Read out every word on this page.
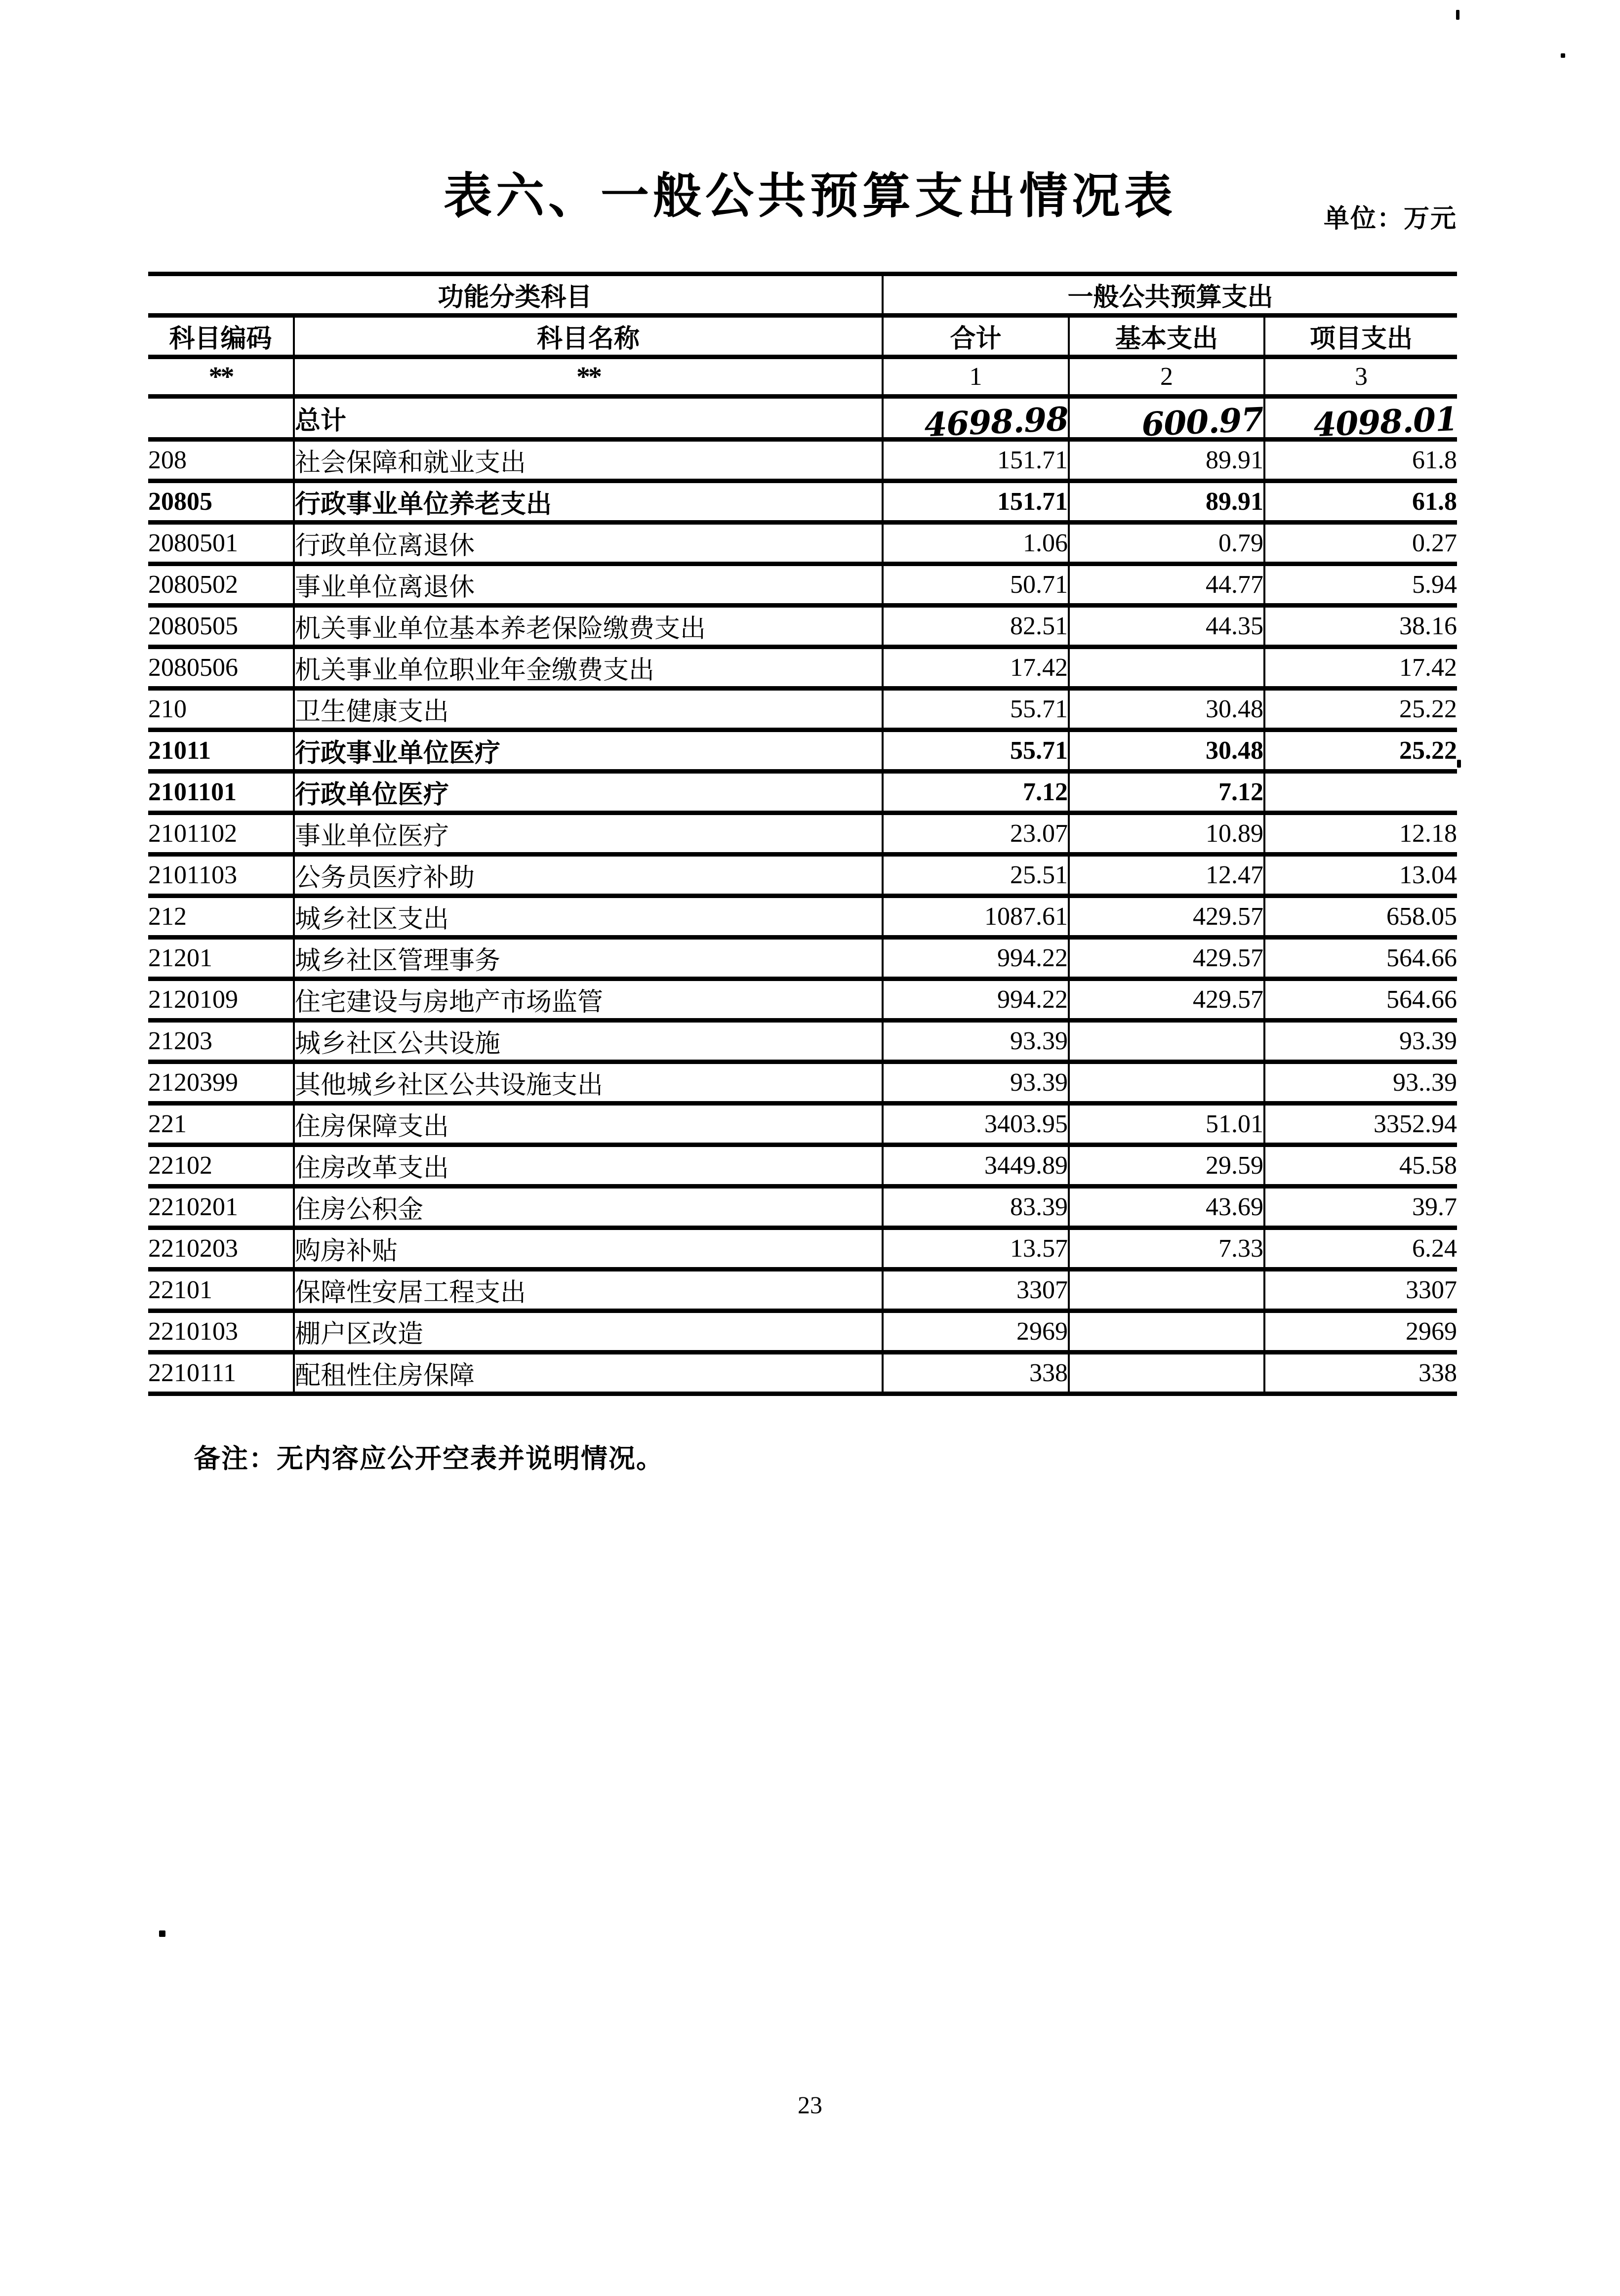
表六、一般公共预算支出情况表	单位：万元
功能分类科目		一般公共预算支出		
科目编码	科目名称	合计	基本支出	项目支出
**	**	1	2	3
	总计	4698.98	600.97	4098.01
208	社会保障和就业支出	151.71	89.91	61.8
20805	行政事业单位养老支出	151.71	89.91	61.8
2080501	行政单位离退休	1.06	0.79	0.27
2080502	事业单位离退休	50.71	44.77	5.94
2080505	机关事业单位基本养老保险缴费支出	82.51	44.35	38.16
2080506	机关事业单位职业年金缴费支出	17.42		17.42
210	卫生健康支出	55.71	30.48	25.22
21011	行政事业单位医疗	55.71	30.48	25.22
2101101	行政单位医疗	7.12	7.12	
2101102	事业单位医疗	23.07	10.89	12.18
2101103	公务员医疗补助	25.51	12.47	13.04
212	城乡社区支出	1087.61	429.57	658.05
21201	城乡社区管理事务	994.22	429.57	564.66
2120109	住宅建设与房地产市场监管	994.22	429.57	564.66
21203	城乡社区公共设施	93.39		93.39
2120399	其他城乡社区公共设施支出	93.39		93..39
221	住房保障支出	3403.95	51.01	3352.94
22102	住房改革支出	3449.89	29.59	45.58
2210201	住房公积金	83.39	43.69	39.7
2210203	购房补贴	13.57	7.33	6.24
22101	保障性安居工程支出	3307		3307
2210103	棚户区改造	2969		2969
2210111	配租性住房保障	338		338
备注：无内容应公开空表并说明情况。
23
